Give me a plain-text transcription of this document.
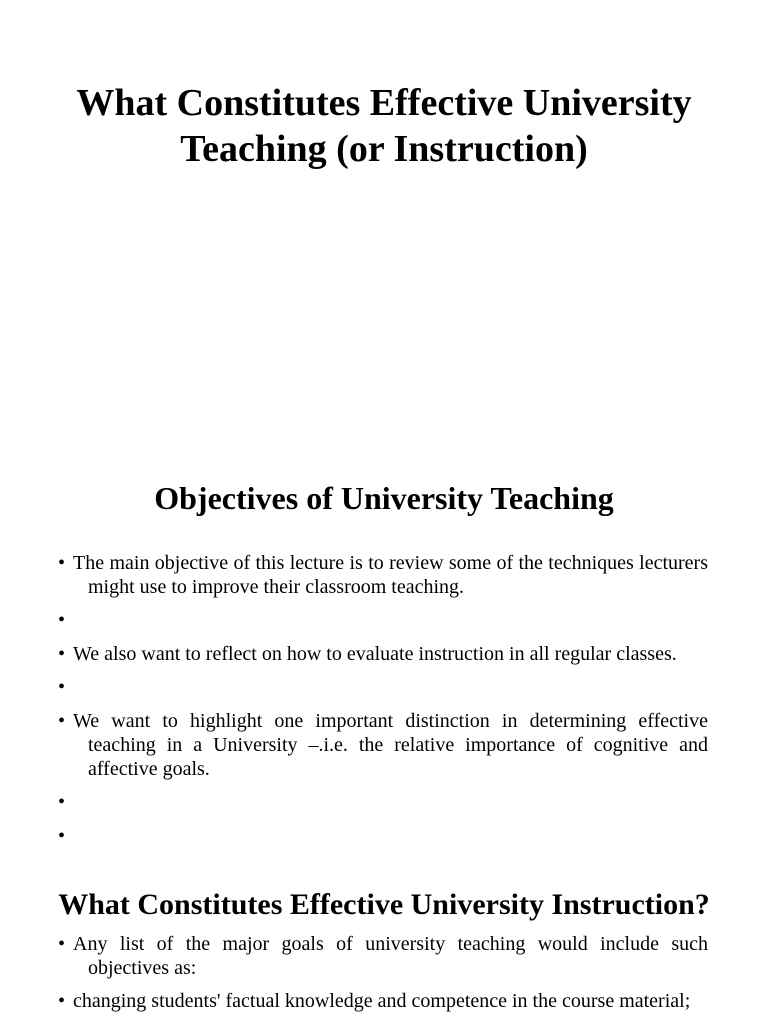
What Constitutes Effective University Teaching (or Instruction)
Objectives of University Teaching
• The main objective of this lecture is to review some of the techniques lecturers might use to improve their classroom teaching.
•

• We also want to reflect on how to evaluate instruction in all regular classes.
•

• We want to highlight one important distinction in determining effective teaching in a University –.i.e. the relative importance of cognitive and affective goals.
•

•

What Constitutes Effective University Instruction?
• Any list of the major goals of university teaching would include such objectives as:
• changing students' factual knowledge and competence in the course material;
